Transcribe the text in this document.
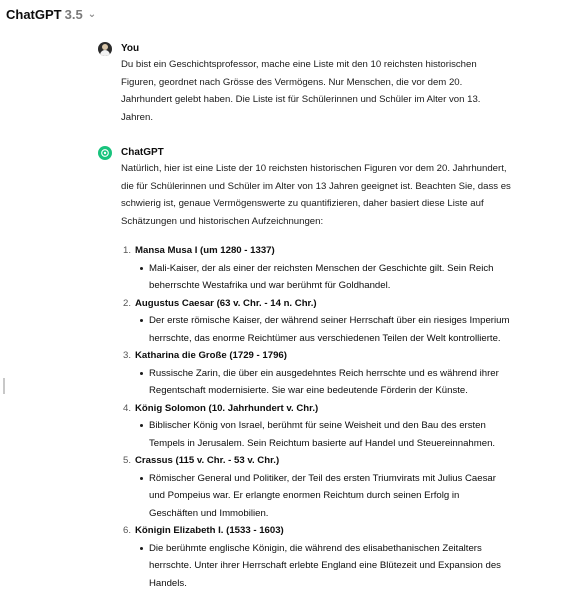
ChatGPT 3.5 ⌄
You
Du bist ein Geschichtsprofessor, mache eine Liste mit den 10 reichsten historischen Figuren, geordnet nach Grösse des Vermögens. Nur Menschen, die vor dem 20. Jahrhundert gelebt haben. Die Liste ist für Schülerinnen und Schüler im Alter von 13. Jahren.
ChatGPT
Natürlich, hier ist eine Liste der 10 reichsten historischen Figuren vor dem 20. Jahrhundert, die für Schülerinnen und Schüler im Alter von 13 Jahren geeignet ist. Beachten Sie, dass es schwierig ist, genaue Vermögenswerte zu quantifizieren, daher basiert diese Liste auf Schätzungen und historischen Aufzeichnungen:
1. Mansa Musa I (um 1280 - 1337)
Mali-Kaiser, der als einer der reichsten Menschen der Geschichte gilt. Sein Reich beherrschte Westafrika und war berühmt für Goldhandel.
2. Augustus Caesar (63 v. Chr. - 14 n. Chr.)
Der erste römische Kaiser, der während seiner Herrschaft über ein riesiges Imperium herrschte, das enorme Reichtümer aus verschiedenen Teilen der Welt kontrollierte.
3. Katharina die Große (1729 - 1796)
Russische Zarin, die über ein ausgedehntes Reich herrschte und es während ihrer Regentschaft modernisierte. Sie war eine bedeutende Förderin der Künste.
4. König Solomon (10. Jahrhundert v. Chr.)
Biblischer König von Israel, berühmt für seine Weisheit und den Bau des ersten Tempels in Jerusalem. Sein Reichtum basierte auf Handel und Steuereinnahmen.
5. Crassus (115 v. Chr. - 53 v. Chr.)
Römischer General und Politiker, der Teil des ersten Triumvirats mit Julius Caesar und Pompeius war. Er erlangte enormen Reichtum durch seinen Erfolg in Geschäften und Immobilien.
6. Königin Elizabeth I. (1533 - 1603)
Die berühmte englische Königin, die während des elisabethanischen Zeitalters herrschte. Unter ihrer Herrschaft erlebte England eine Blütezeit und Expansion des Handels.
